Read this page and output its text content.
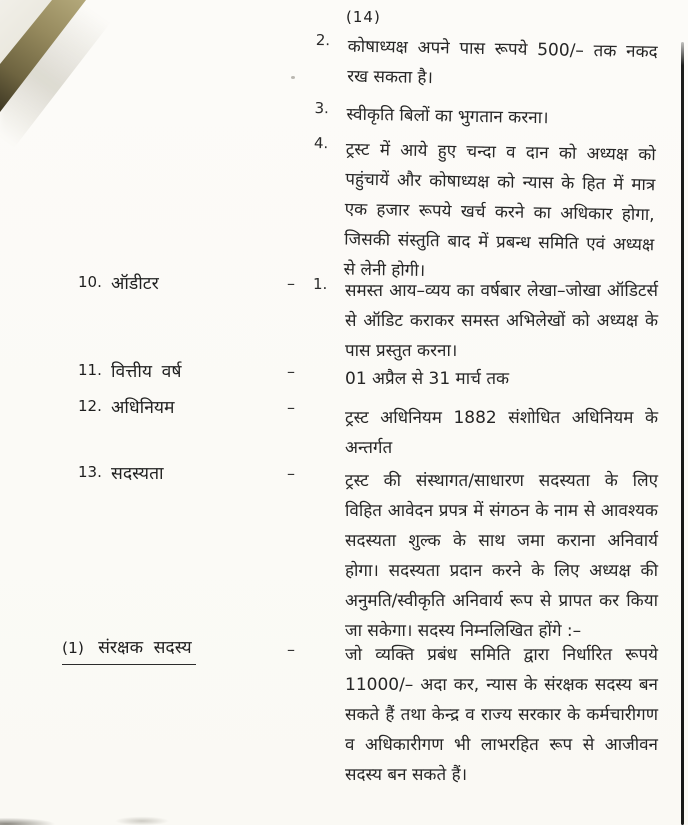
(14)
2. कोषाध्यक्ष अपने पास रूपये 500/– तक नकद
रख सकता है।
3. स्वीकृति बिलों का भुगतान करना।
4. ट्रस्ट में आये हुए चन्दा व दान को अध्यक्ष को
पहुंचायें और कोषाध्यक्ष को न्यास के हित में मात्र
एक हजार रूपये खर्च करने का अधिकार होगा,
जिसकी संस्तुति बाद में प्रबन्ध समिति एवं अध्यक्ष
से लेनी होगी।
10. ऑडीटर	– 1. समस्त आय–व्यय का वर्षबार लेखा–जोखा ऑडिटर्स
से ऑडिट कराकर समस्त अभिलेखों को अध्यक्ष के
पास प्रस्तुत करना।
11. वित्तीय वर्ष	–	01 अप्रैल से 31 मार्च तक
12. अधिनियम	–
ट्रस्ट अधिनियम 1882 संशोधित अधिनियम के
अन्तर्गत
13. सदस्यता	–	ट्रस्ट की संस्थागत/साधारण सदस्यता के लिए
विहित आवेदन प्रपत्र में संगठन के नाम से आवश्यक
सदस्यता शुल्क के साथ जमा कराना अनिवार्य
होगा। सदस्यता प्रदान करने के लिए अध्यक्ष की
अनुमति/स्वीकृति अनिवार्य रूप से प्रापत कर किया
जा सकेगा। सदस्य निम्नलिखित होंगे :–
(1) संरक्षक सदस्य	–	जो व्यक्ति प्रबंध समिति द्वारा निर्धारित रूपये
11000/– अदा कर, न्यास के संरक्षक सदस्य बन
सकते हैं तथा केन्द्र व राज्य सरकार के कर्मचारीगण
व अधिकारीगण भी लाभरहित रूप से आजीवन
सदस्य बन सकते हैं।
